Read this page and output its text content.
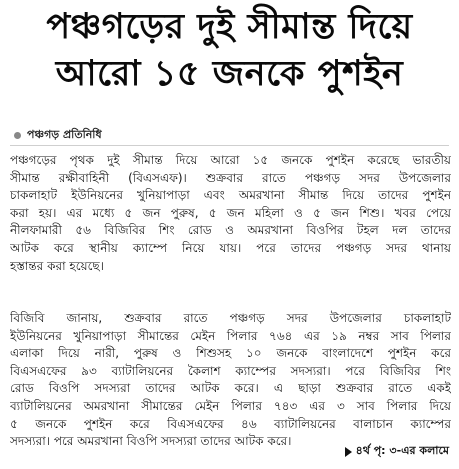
পঞ্চগড়ের দুই সীমান্ত দিয়ে
আরো ১৫ জনকে পুশইন
পঞ্চগড় প্রতিনিধি
পঞ্চগড়ের পৃথক দুই সীমান্ত দিয়ে আরো ১৫ জনকে পুশইন করেছে ভারতীয়
সীমান্ত রক্ষীবাহিনী (বিএসএফ)। শুক্রবার রাতে পঞ্চগড় সদর উপজেলার
চাকলাহাট ইউনিয়নের খুনিয়াপাড়া এবং অমরখানা সীমান্ত দিয়ে তাদের পুশইন
করা হয়। এর মধ্যে ৫ জন পুরুষ, ৫ জন মহিলা ও ৫ জন শিশু। খবর পেয়ে
নীলফামারী ৫৬ বিজিবির শিং রোড ও অমরখানা বিওপির টহল দল তাদের
আটক করে স্থানীয় ক্যাম্পে নিয়ে যায়। পরে তাদের পঞ্চগড় সদর থানায়
হস্তান্তর করা হয়েছে।
বিজিবি জানায়, শুক্রবার রাতে পঞ্চগড় সদর উপজেলার চাকলাহাট
ইউনিয়নের খুনিয়াপাড়া সীমান্তের মেইন পিলার ৭৬৪ এর ১৯ নম্বর সাব পিলার
এলাকা দিয়ে নারী, পুরুষ ও শিশুসহ ১০ জনকে বাংলাদেশে পুশইন করে
বিএসএফের ৯৩ ব্যাটালিয়নের কৈলাশ ক্যাম্পের সদস্যরা। পরে বিজিবির শিং
রোড বিওপি সদস্যরা তাদের আটক করে। এ ছাড়া শুক্রবার রাতে একই
ব্যাটালিয়নের অমরখানা সীমান্তের মেইন পিলার ৭৪৩ এর ৩ সাব পিলার দিয়ে
৫ জনকে পুশইন করে বিএসএফের ৪৬ ব্যাটালিয়নের বালাচান ক্যাম্পের
সদস্যরা। পরে অমরখানা বিওপি সদস্যরা তাদের আটক করে।
৪র্থ পৃ: ৩-এর কলামে
